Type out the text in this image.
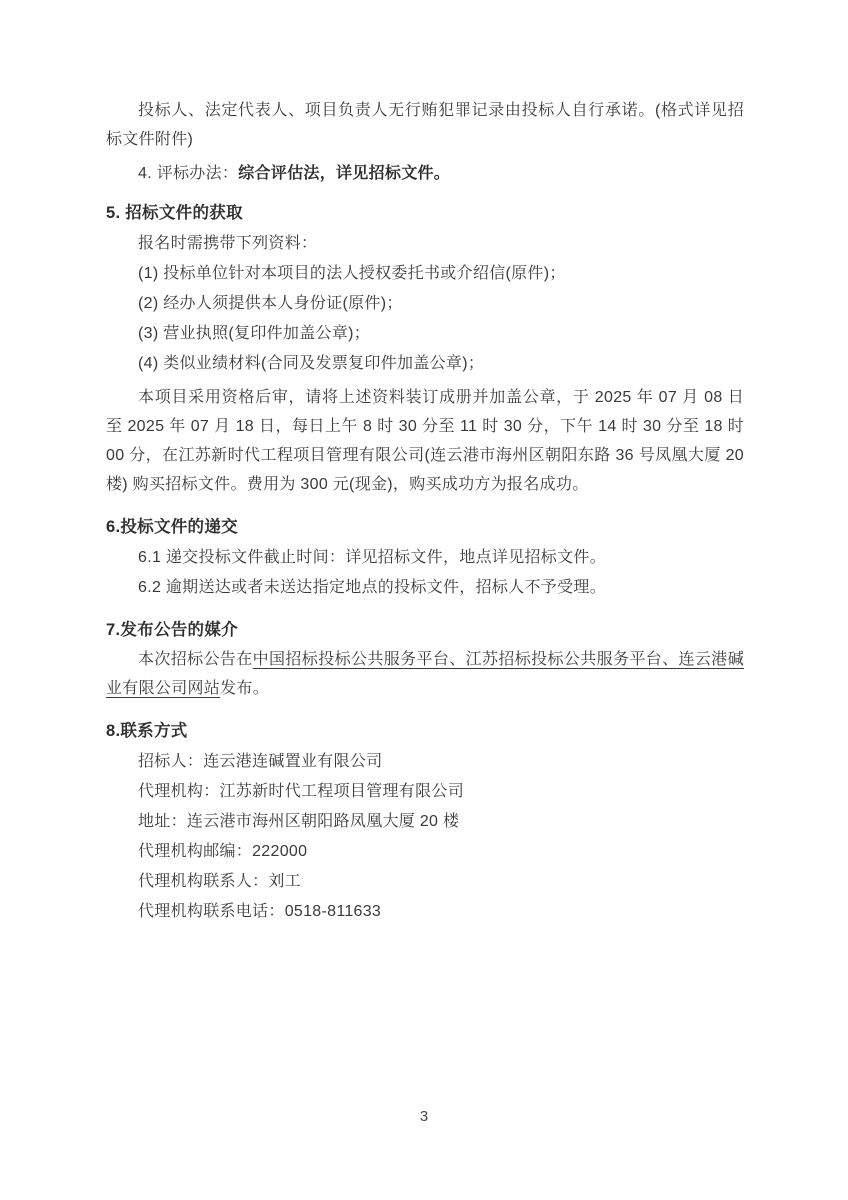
投标人、法定代表人、项目负责人无行贿犯罪记录由投标人自行承诺。(格式详见招标文件附件)

4. 评标办法：综合评估法，详见招标文件。

5. 招标文件的获取

报名时需携带下列资料：

(1) 投标单位针对本项目的法人授权委托书或介绍信(原件)；

(2) 经办人须提供本人身份证(原件)；

(3) 营业执照(复印件加盖公章)；

(4) 类似业绩材料(合同及发票复印件加盖公章)；

本项目采用资格后审，请将上述资料装订成册并加盖公章，于 2025 年 07 月 08 日至 2025 年 07 月 18 日，每日上午 8 时 30 分至 11 时 30 分，下午 14 时 30 分至 18 时 00 分，在江苏新时代工程项目管理有限公司(连云港市海州区朝阳东路 36 号凤凰大厦 20 楼) 购买招标文件。费用为 300 元(现金)，购买成功方为报名成功。

6.投标文件的递交

6.1 递交投标文件截止时间：详见招标文件，地点详见招标文件。

6.2 逾期送达或者未送达指定地点的投标文件，招标人不予受理。

7.发布公告的媒介

本次招标公告在中国招标投标公共服务平台、江苏招标投标公共服务平台、连云港碱业有限公司网站发布。

8.联系方式

招标人：连云港连碱置业有限公司

代理机构：江苏新时代工程项目管理有限公司

地址：连云港市海州区朝阳路凤凰大厦 20 楼

代理机构邮编：222000

代理机构联系人：刘工

代理机构联系电话：0518-811633

3
